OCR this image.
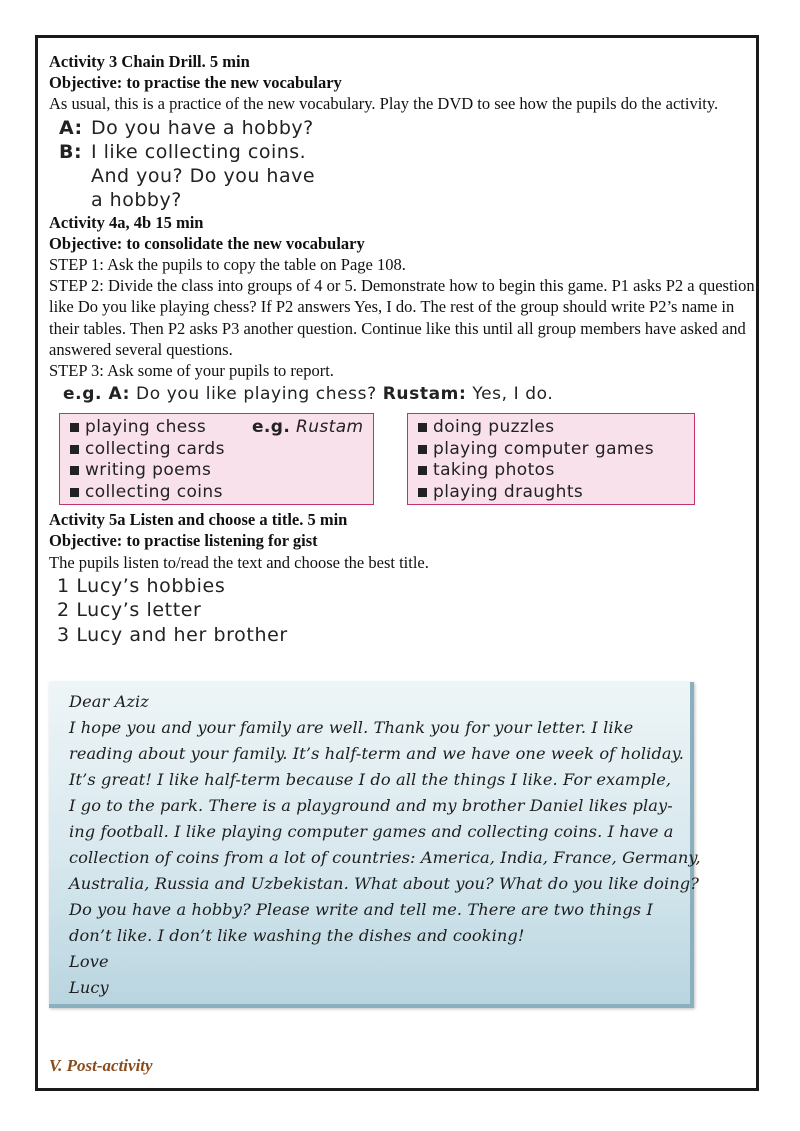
Activity 3 Chain Drill. 5 min

Objective: to practise the new vocabulary

As usual, this is a practice of the new vocabulary. Play the DVD to see how the pupils do the activity.

A: Do you have a hobby?
B: I like collecting coins.
And you? Do you have
a hobby?

Activity 4a, 4b 15 min

Objective: to consolidate the new vocabulary

STEP 1: Ask the pupils to copy the table on Page 108.

STEP 2: Divide the class into groups of 4 or 5. Demonstrate how to begin this game. P1 asks P2 a question like Do you like playing chess? If P2 answers Yes, I do. The rest of the group should write P2’s name in their tables. Then P2 asks P3 another question. Continue like this until all group members have asked and answered several questions.

STEP 3: Ask some of your pupils to report.

e.g. A: Do you like playing chess? Rustam: Yes, I do.
playing chess
collecting cards
writing poems
collecting coins
e.g. Rustam	doing puzzles
playing computer games
taking photos
playing draughts

Activity 5a Listen and choose a title. 5 min

Objective: to practise listening for gist

The pupils listen to/read the text and choose the best title.

1 Lucy’s hobbies
2 Lucy’s letter
3 Lucy and her brother
Dear Aziz
I hope you and your family are well. Thank you for your letter. I like
reading about your family. It’s half-term and we have one week of holiday.
It’s great! I like half-term because I do all the things I like. For example,
I go to the park. There is a playground and my brother Daniel likes play-
ing football. I like playing computer games and collecting coins. I have a
collection of coins from a lot of countries: America, India, France, Germany,
Australia, Russia and Uzbekistan. What about you? What do you like doing?
Do you have a hobby? Please write and tell me. There are two things I
don’t like. I don’t like washing the dishes and cooking!
Love
Lucy
V. Post-activity
